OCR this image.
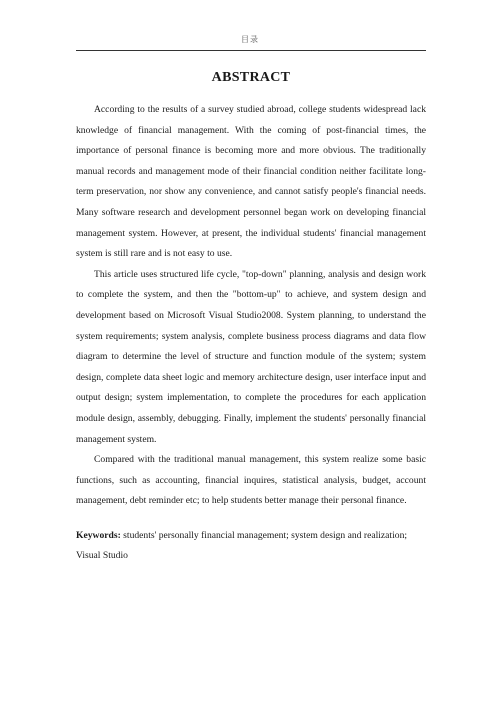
目录
ABSTRACT

According to the results of a survey studied abroad, college students widespread lack knowledge of financial management. With the coming of post-financial times, the importance of personal finance is becoming more and more obvious. The traditionally manual records and management mode of their financial condition neither facilitate long-term preservation, nor show any convenience, and cannot satisfy people's financial needs. Many software research and development personnel began work on developing financial management system. However, at present, the individual students' financial management system is still rare and is not easy to use.

This article uses structured life cycle, "top-down" planning, analysis and design work to complete the system, and then the "bottom-up" to achieve, and system design and development based on Microsoft Visual Studio2008. System planning, to understand the system requirements; system analysis, complete business process diagrams and data flow diagram to determine the level of structure and function module of the system; system design, complete data sheet logic and memory architecture design, user interface input and output design; system implementation, to complete the procedures for each application module design, assembly, debugging. Finally, implement the students' personally financial management system.

Compared with the traditional manual management, this system realize some basic functions, such as accounting, financial inquires, statistical analysis, budget, account management, debt reminder etc; to help students better manage their personal finance.

Keywords: students' personally financial management; system design and realization; Visual Studio
